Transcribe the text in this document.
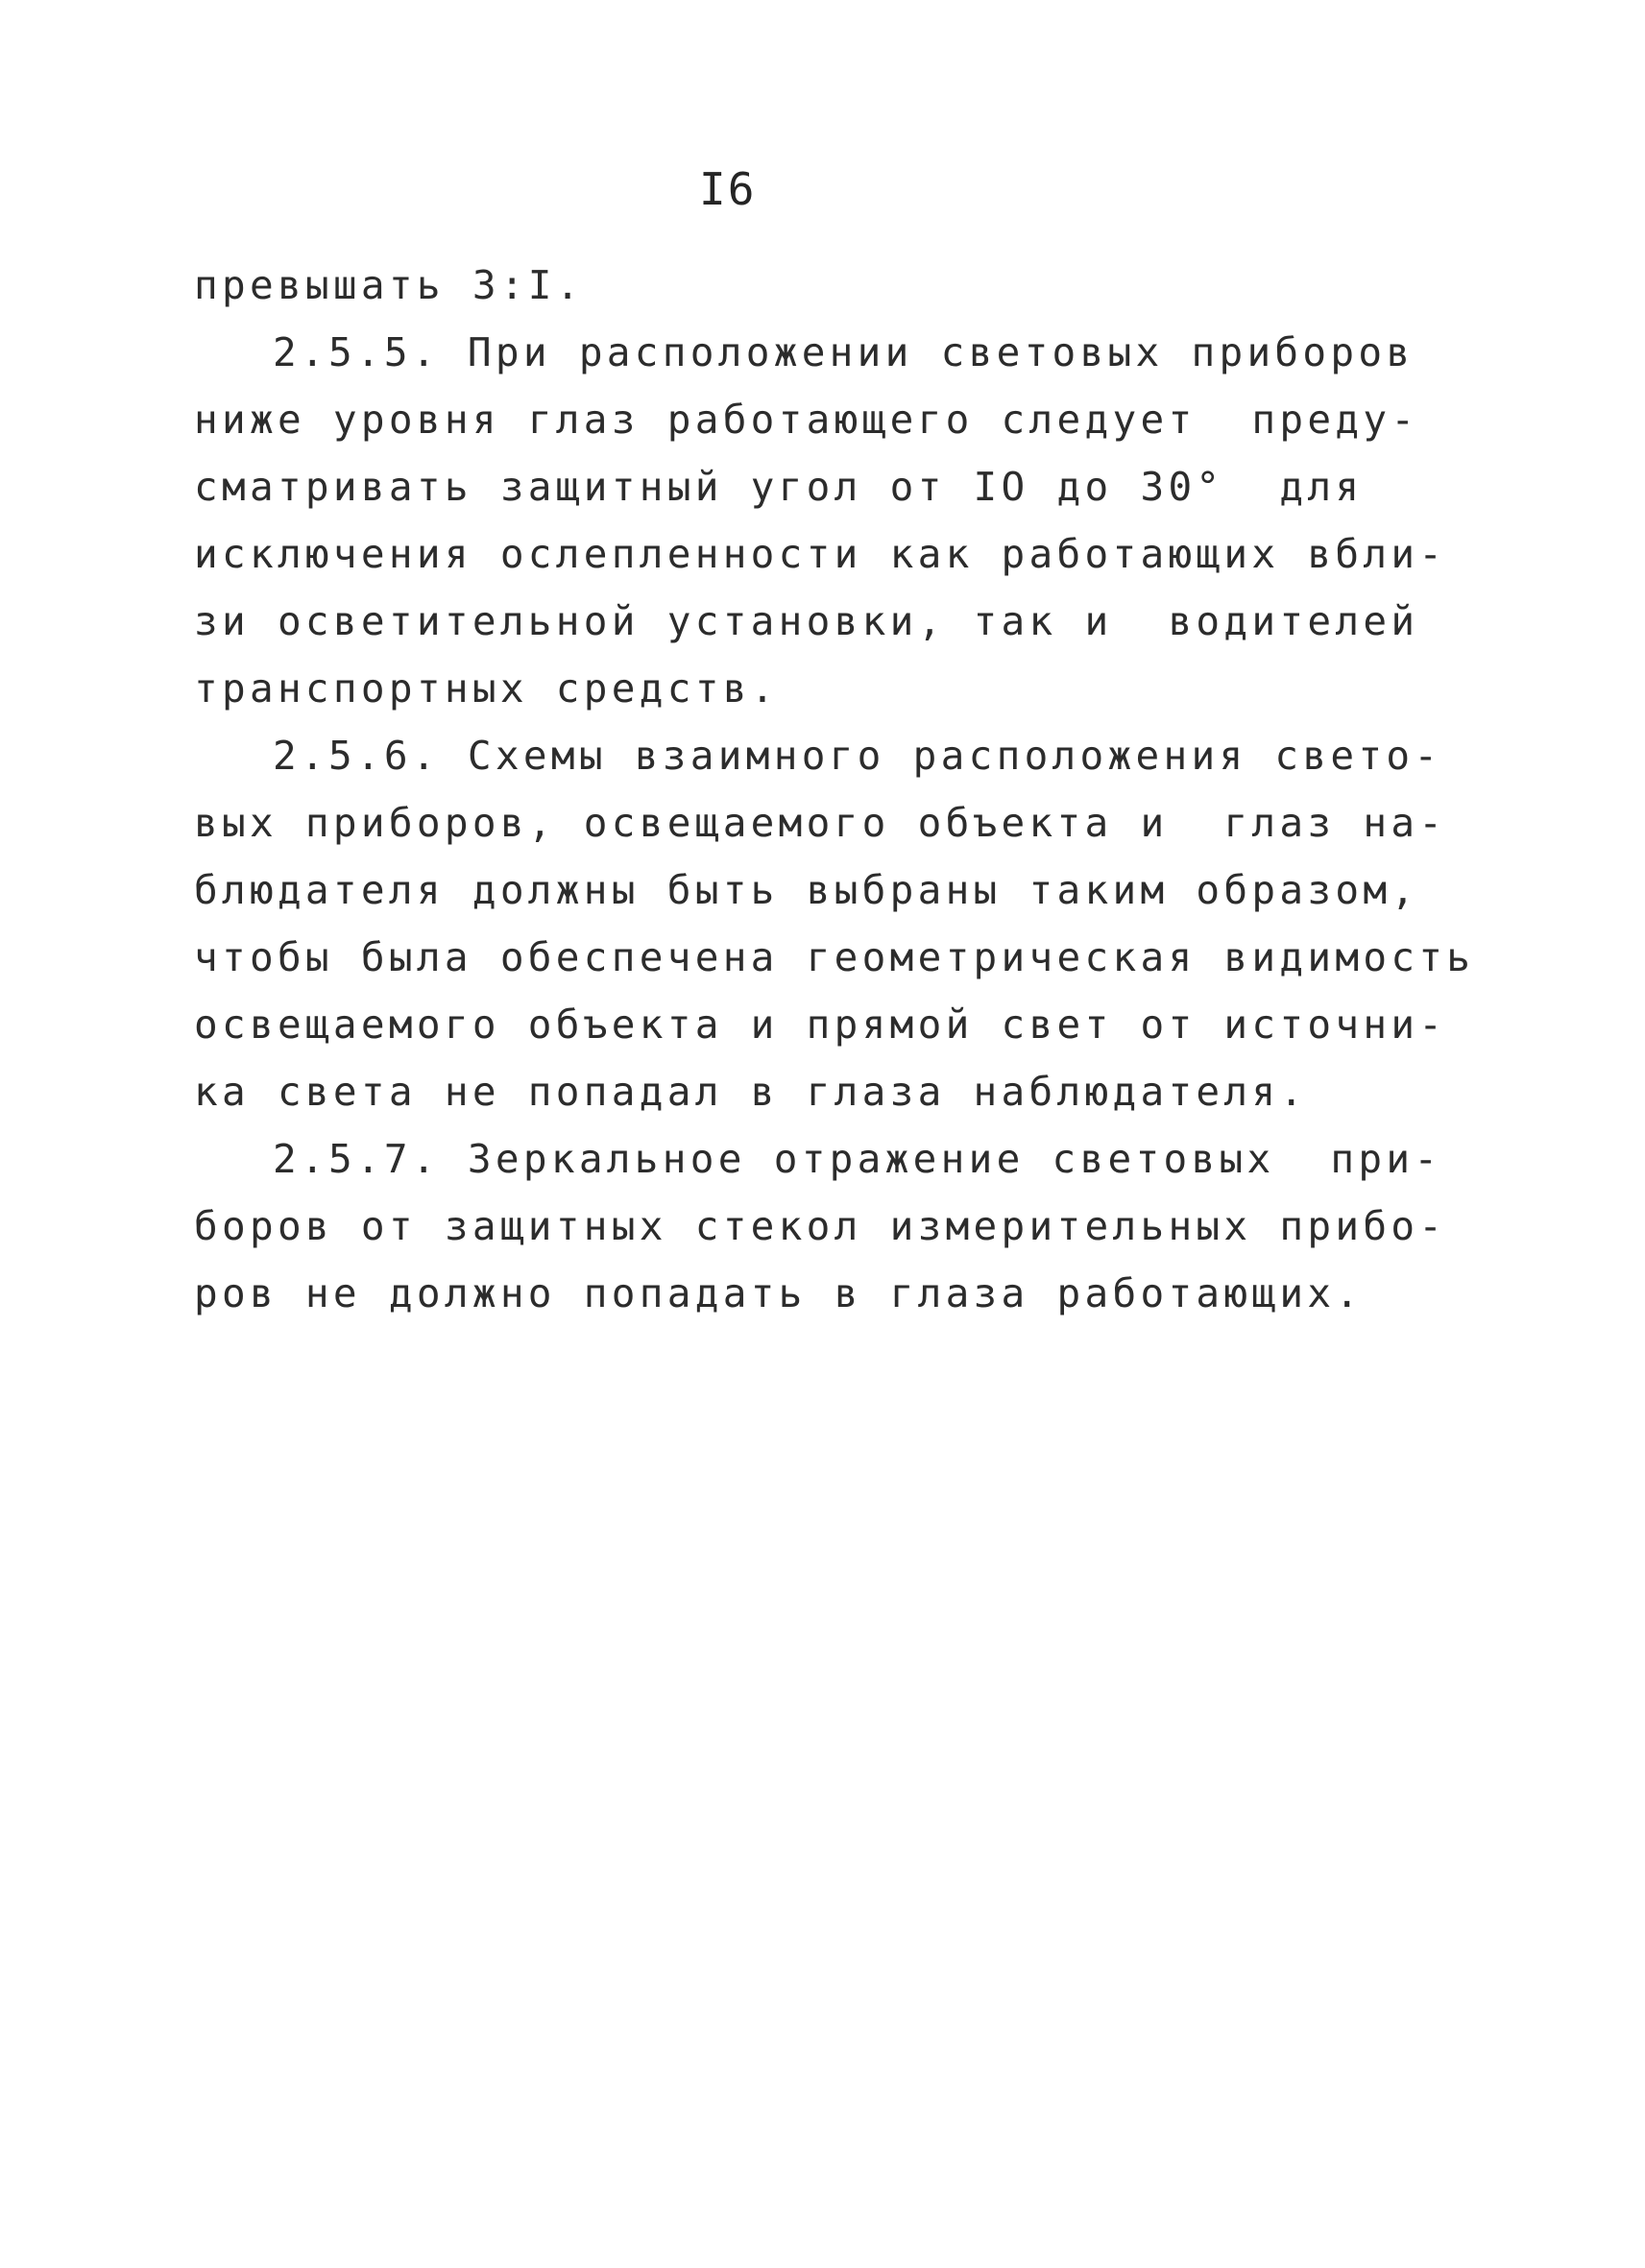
I6
превышать 3:I.
2.5.5. При расположении световых приборов
ниже уровня глаз работающего следует  преду-
сматривать защитный угол от IO до 30°  для
исключения ослепленности как работающих вбли-
зи осветительной установки, так и  водителей
транспортных средств.
2.5.6. Схемы взаимного расположения свето-
вых приборов, освещаемого объекта и  глаз на-
блюдателя должны быть выбраны таким образом,
чтобы была обеспечена геометрическая видимость
освещаемого объекта и прямой свет от источни-
ка света не попадал в глаза наблюдателя.
2.5.7. Зеркальное отражение световых  при-
боров от защитных стекол измерительных прибо-
ров не должно попадать в глаза работающих.
